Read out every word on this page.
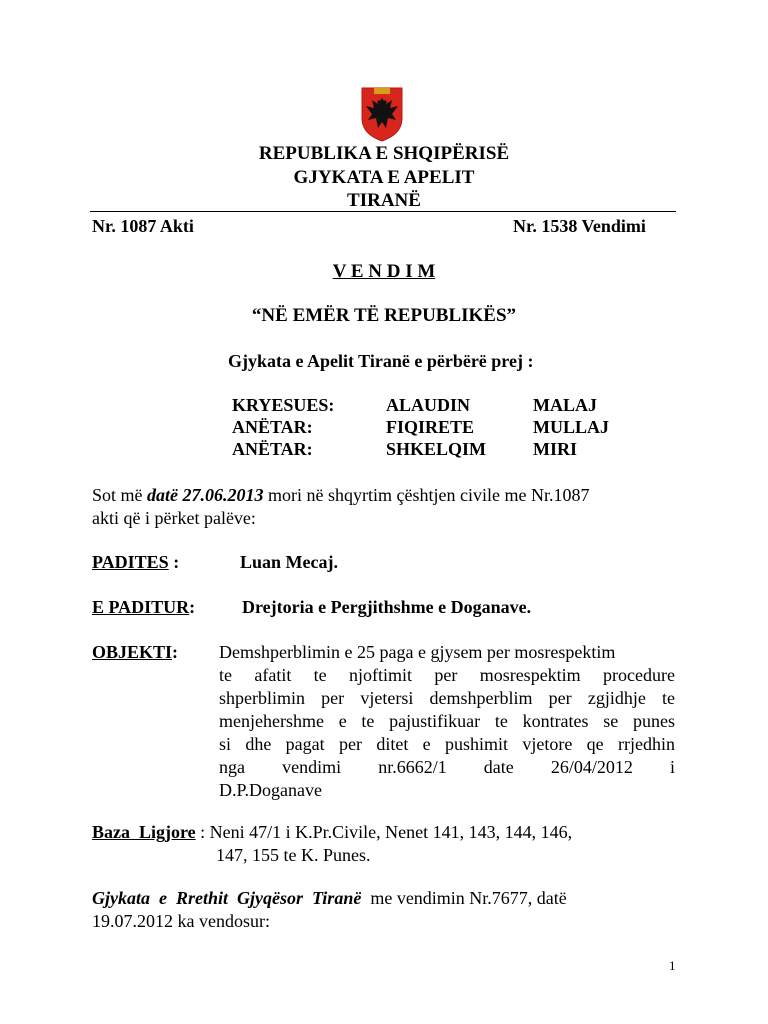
REPUBLIKA E SHQIPËRISË
GJYKATA E APELIT
TIRANË
Nr. 1087 Akti	Nr. 1538 Vendimi
V E N D I M
“NË EMËR TË REPUBLIKËS”
Gjykata e Apelit Tiranë e përbërë prej :
KRYESUES:	ALAUDIN	MALAJ
ANËTAR:	FIQIRETE	MULLAJ
ANËTAR:	SHKELQIM	MIRI
Sot më datë 27.06.2013 mori në shqyrtim çështjen civile me Nr.1087
akti që i përket palëve:
PADITES :	Luan Mecaj.
E PADITUR:	Drejtoria e Pergjithshme e Doganave.
OBJEKTI: Demshperblimin e 25 paga e gjysem per mosrespektim
te afatit te njoftimit per mosrespektim procedure
shperblimin per vjetersi demshperblim per zgjidhje te
menjehershme e te pajustifikuar te kontrates se punes
si dhe pagat per ditet e pushimit vjetore qe rrjedhin
nga vendimi nr.6662/1 date 26/04/2012 i
D.P.Doganave
Baza  Ligjore : Neni 47/1 i K.Pr.Civile, Nenet 141, 143, 144, 146,
147, 155 te K. Punes.
Gjykata  e  Rrethit  Gjyqësor  Tiranë  me vendimin Nr.7677, datë
19.07.2012 ka vendosur:
1
